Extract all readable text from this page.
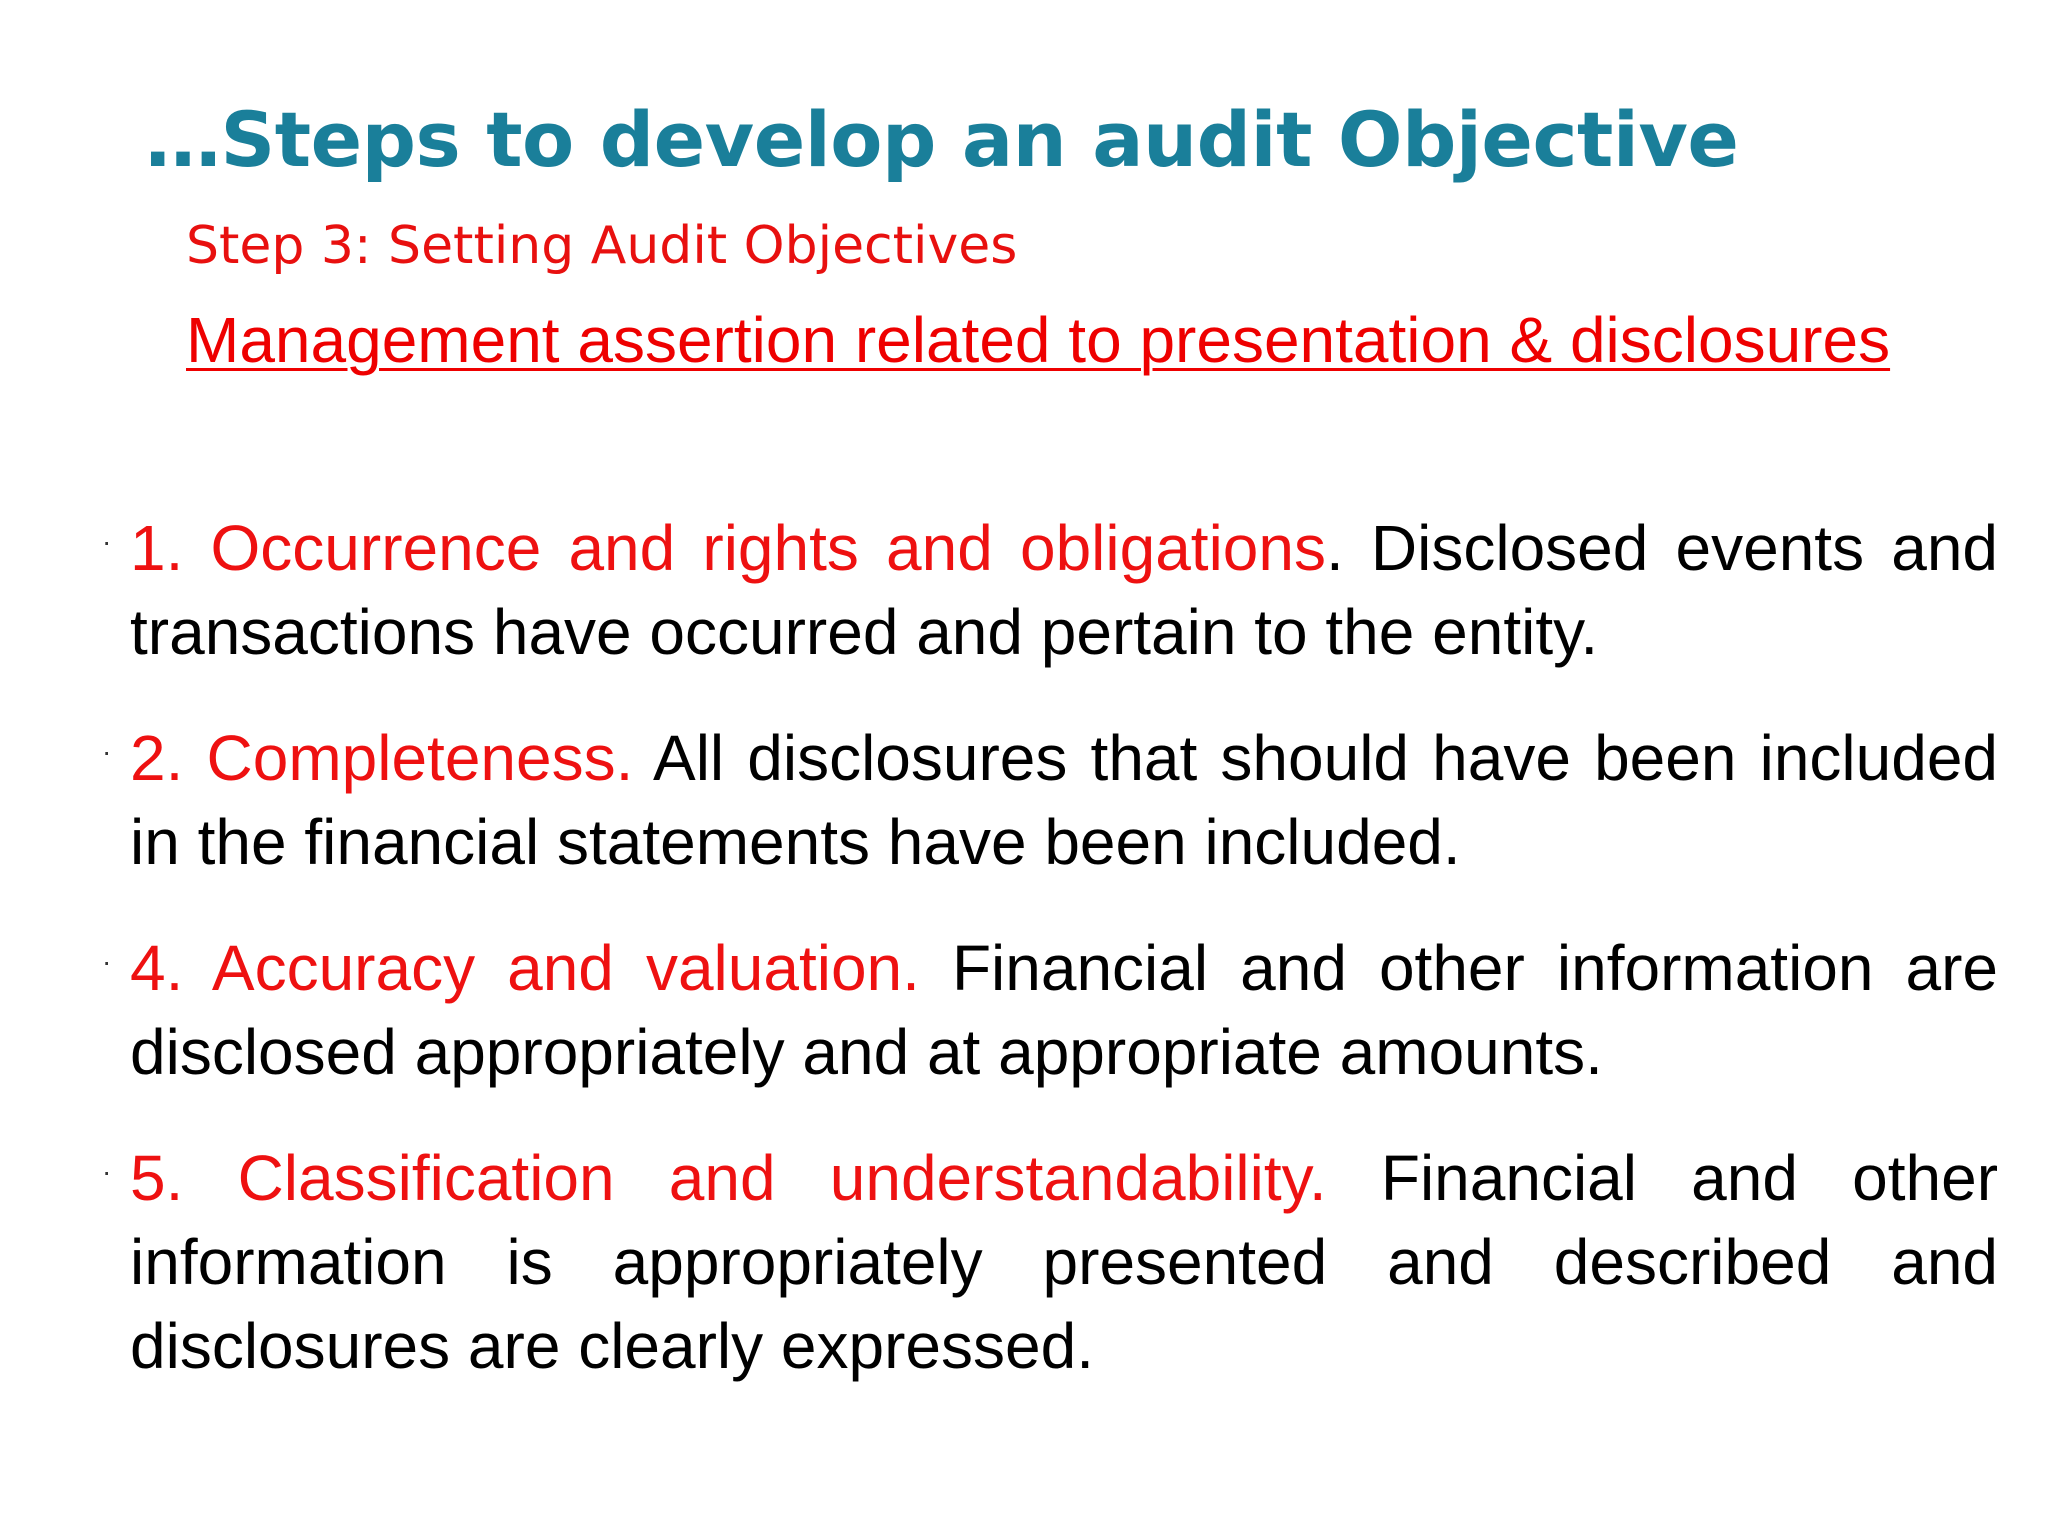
…Steps to develop an audit Objective
Step 3: Setting Audit Objectives
Management assertion related to presentation & disclosures
· 1. Occurrence and rights and obligations. Disclosed events and transactions have occurred and pertain to the entity.
· 2. Completeness. All disclosures that should have been included in the financial statements have been included.
· 4. Accuracy and valuation. Financial and other information are disclosed appropriately and at appropriate amounts.
· 5. Classification and understandability. Financial and other information is appropriately presented and described and disclosures are clearly expressed.
